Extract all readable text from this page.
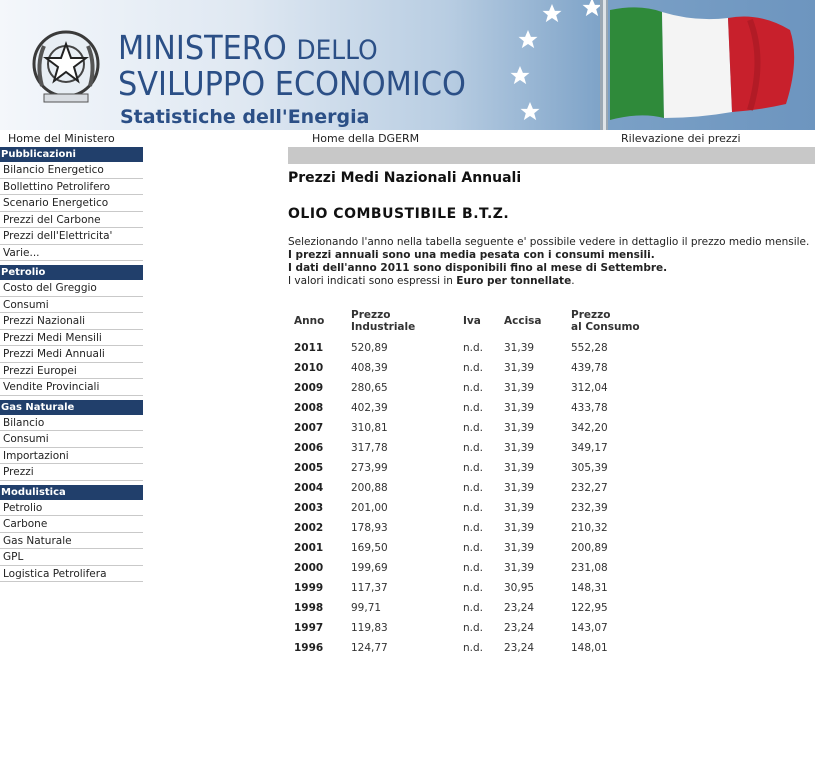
MINISTERO DELLO
SVILUPPO ECONOMICO
Statistiche dell'Energia
Home del Ministero	Home della DGERM	Rilevazione dei prezzi
Pubblicazioni
Bilancio Energetico
Bollettino Petrolifero
Scenario Energetico
Prezzi del Carbone
Prezzi dell'Elettricita'
Varie...
Petrolio
Costo del Greggio
Consumi
Prezzi Nazionali
Prezzi Medi Mensili
Prezzi Medi Annuali
Prezzi Europei
Vendite Provinciali
Gas Naturale
Bilancio
Consumi
Importazioni
Prezzi
Modulistica
Petrolio
Carbone
Gas Naturale
GPL
Logistica Petrolifera
Prezzi Medi Nazionali Annuali
OLIO COMBUSTIBILE B.T.Z.
Selezionando l'anno nella tabella seguente e' possibile vedere in dettaglio il prezzo medio mensile.
I prezzi annuali sono una media pesata con i consumi mensili.
I dati dell'anno 2011 sono disponibili fino al mese di Settembre.
I valori indicati sono espressi in Euro per tonnellate.
Anno	Prezzo
Industriale	Iva	Accisa	Prezzo
al Consumo
2011	520,89	n.d.	31,39	552,28
2010	408,39	n.d.	31,39	439,78
2009	280,65	n.d.	31,39	312,04
2008	402,39	n.d.	31,39	433,78
2007	310,81	n.d.	31,39	342,20
2006	317,78	n.d.	31,39	349,17
2005	273,99	n.d.	31,39	305,39
2004	200,88	n.d.	31,39	232,27
2003	201,00	n.d.	31,39	232,39
2002	178,93	n.d.	31,39	210,32
2001	169,50	n.d.	31,39	200,89
2000	199,69	n.d.	31,39	231,08
1999	117,37	n.d.	30,95	148,31
1998	99,71	n.d.	23,24	122,95
1997	119,83	n.d.	23,24	143,07
1996	124,77	n.d.	23,24	148,01
